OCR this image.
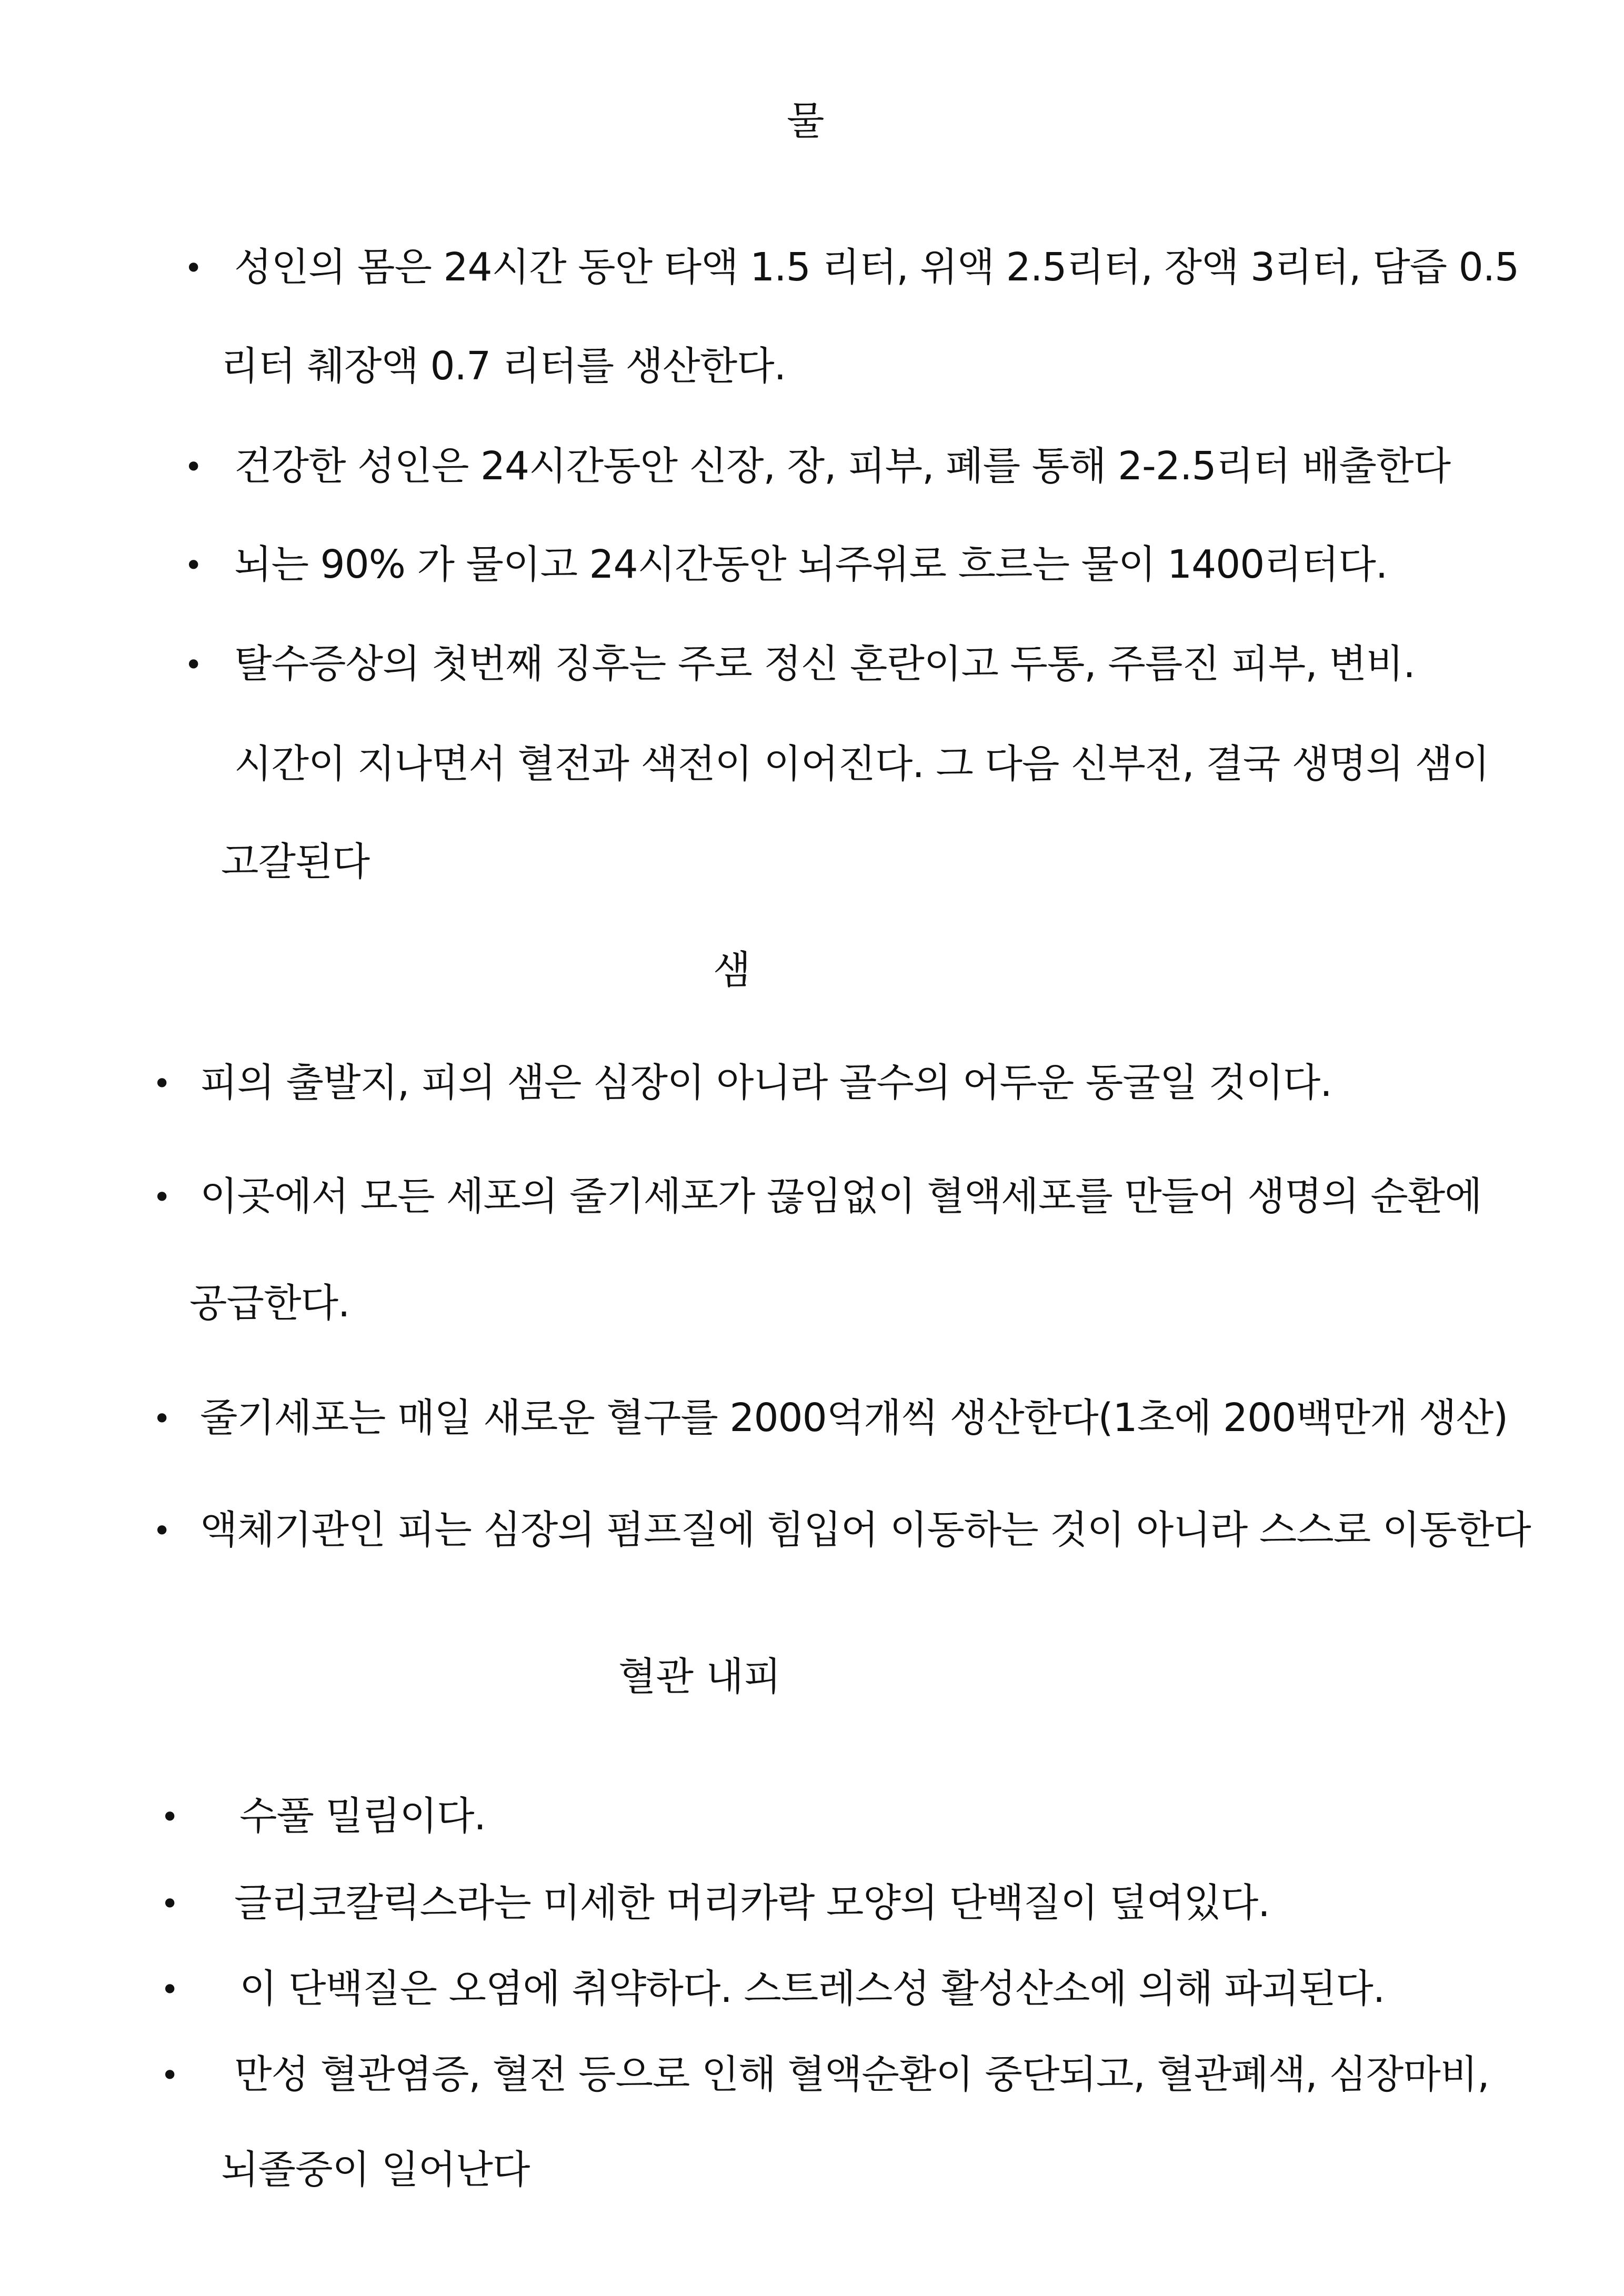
물
• 성인의 몸은 24시간 동안 타액 1.5 리터, 위액 2.5리터, 장액 3리터, 담즙 0.5
리터 췌장액 0.7 리터를 생산한다.
• 건강한 성인은 24시간동안 신장, 장, 피부, 폐를 통해 2-2.5리터 배출한다
• 뇌는 90% 가 물이고 24시간동안 뇌주위로 흐르는 물이 1400리터다.
• 탈수증상의 첫번째 징후는 주로 정신 혼란이고 두통, 주름진 피부, 변비.
시간이 지나면서 혈전과 색전이 이어진다. 그 다음 신부전, 결국 생명의 샘이
고갈된다
샘
• 피의 출발지, 피의 샘은 심장이 아니라 골수의 어두운 동굴일 것이다.
• 이곳에서 모든 세포의 줄기세포가 끊임없이 혈액세포를 만들어 생명의 순환에
공급한다.
• 줄기세포는 매일 새로운 혈구를 2000억개씩 생산한다(1초에 200백만개 생산)
• 액체기관인 피는 심장의 펌프질에 힘입어 이동하는 것이 아니라 스스로 이동한다
혈관 내피
• 수풀 밀림이다.
• 글리코칼릭스라는 미세한 머리카락 모양의 단백질이 덮여있다.
• 이 단백질은 오염에 취약하다. 스트레스성 활성산소에 의해 파괴된다.
• 만성 혈관염증, 혈전 등으로 인해 혈액순환이 중단되고, 혈관폐색, 심장마비,
뇌졸중이 일어난다
